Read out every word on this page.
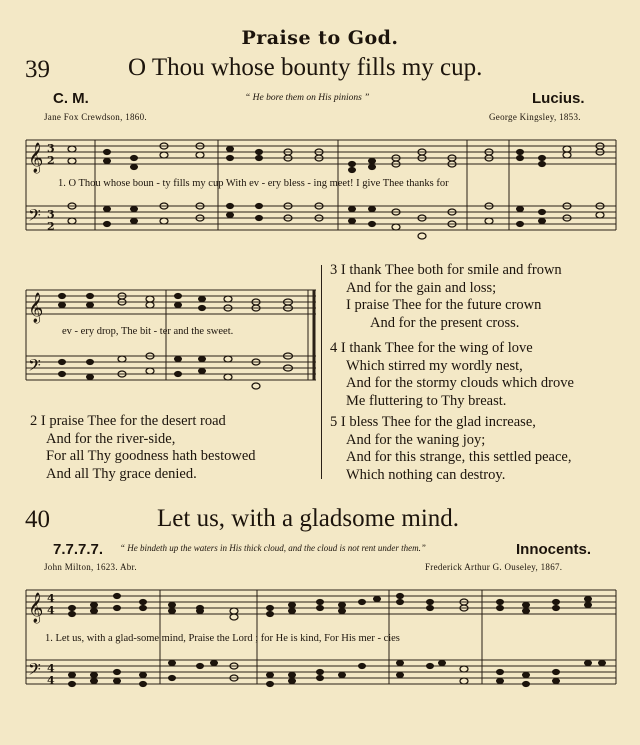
Praise to God.
39	O Thou whose bounty fills my cup.
C. M.	“ He bore them on His pinions ”	Lucius.
Jane Fox Crewdson, 1860.	George Kingsley, 1853.
𝄞
𝄢
3
2
3
2
1. O Thou whose boun - ty fills my cup With ev - ery bless - ing meet! I give Thee thanks for
𝄞
𝄢
ev - ery drop, The bit - ter and the sweet.
3 I thank Thee both for smile and frown
And for the gain and loss;
I praise Thee for the future crown
And for the present cross.
4 I thank Thee for the wing of love
Which stirred my wordly nest,
And for the stormy clouds which drove
Me fluttering to Thy breast.
5 I bless Thee for the glad increase,
And for the waning joy;
And for this strange, this settled peace,
Which nothing can destroy.
2 I praise Thee for the desert road
And for the river-side,
For all Thy goodness hath bestowed
And all Thy grace denied.
40	Let us, with a gladsome mind.
7.7.7.7. “ He bindeth up the waters in His thick cloud, and the cloud is not rent under them.”	Innocents.
John Milton, 1623. Abr.	Frederick Arthur G. Ouseley, 1867.
𝄞
𝄢
4
4
4
4
1. Let us, with a glad-some mind, Praise the Lord ; for He is kind, For His mer - cies
